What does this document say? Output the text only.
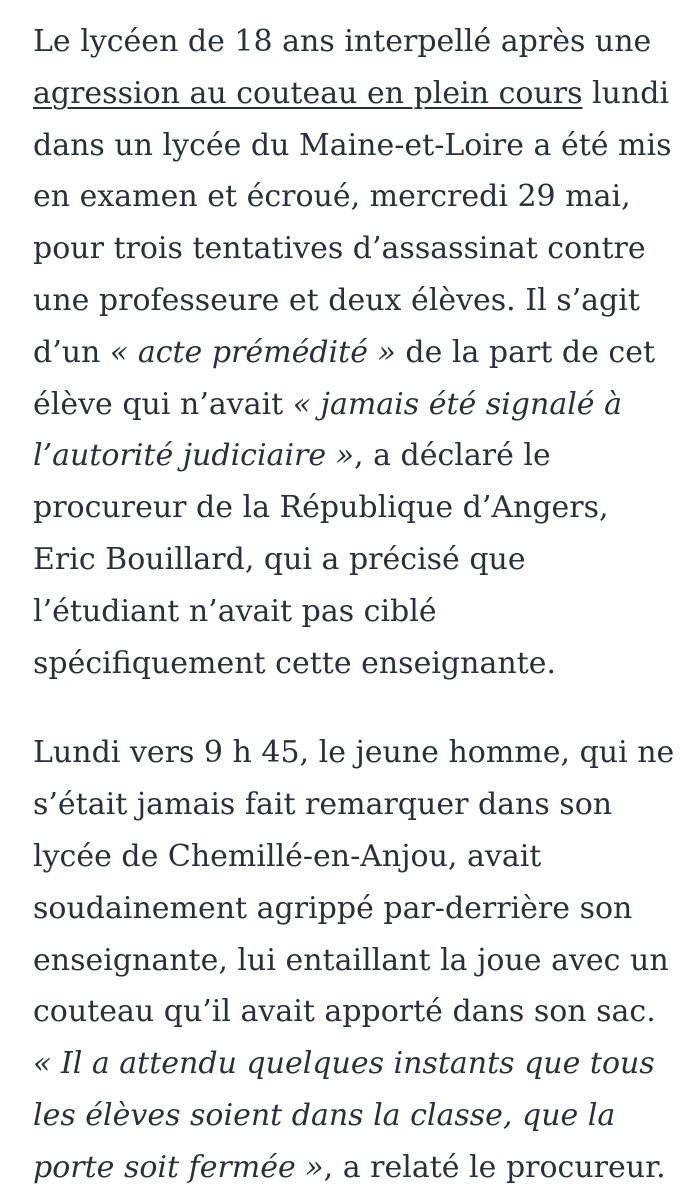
Le lycéen de 18 ans interpellé après une agression au couteau en plein cours lundi dans un lycée du Maine-et-Loire a été mis en examen et écroué, mercredi 29 mai, pour trois tentatives d’assassinat contre une professeure et deux élèves. Il s’agit d’un « acte prémédité » de la part de cet élève qui n’avait « jamais été signalé à l’autorité judiciaire », a déclaré le procureur de la République d’Angers, Eric Bouillard, qui a précisé que l’étudiant n’avait pas ciblé spécifiquement cette enseignante.

Lundi vers 9 h 45, le jeune homme, qui ne s’était jamais fait remarquer dans son lycée de Chemillé-en-Anjou, avait soudainement agrippé par-derrière son enseignante, lui entaillant la joue avec un couteau qu’il avait apporté dans son sac. « Il a attendu quelques instants que tous les élèves soient dans la classe, que la porte soit fermée », a relaté le procureur.
